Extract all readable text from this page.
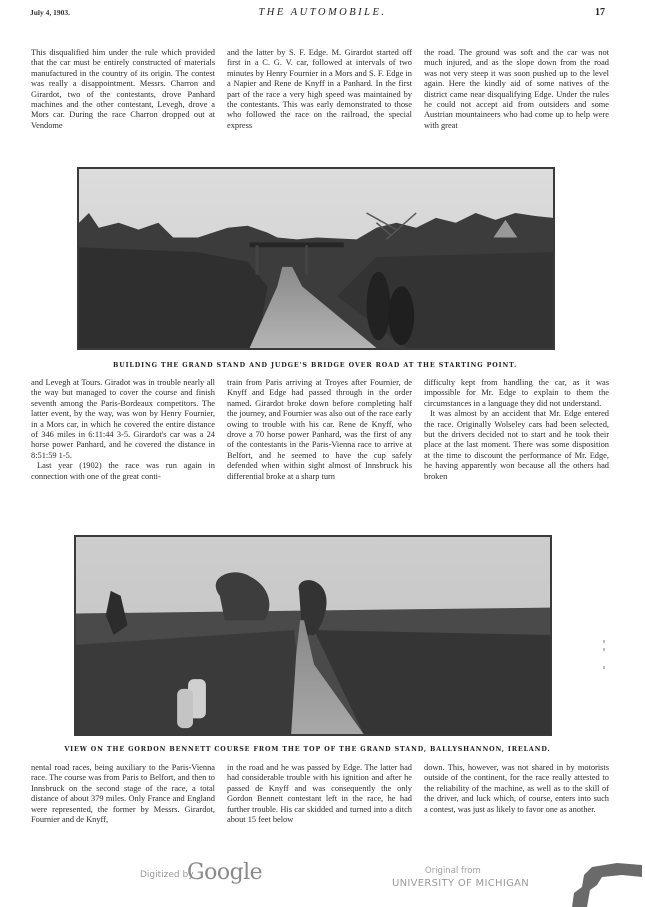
July 4, 1903.	THE AUTOMOBILE.	17

This disqualified him under the rule which provided that the car must be entirely constructed of materials manufactured in the country of its origin. The contest was really a disappointment. Messrs. Charron and Girardot, two of the contestants, drove Panhard machines and the other contestant, Levegh, drove a Mors car. During the race Charron dropped out at Vendome

and the latter by S. F. Edge. M. Girardot started off first in a C. G. V. car, followed at intervals of two minutes by Henry Fournier in a Mors and S. F. Edge in a Napier and Rene de Knyff in a Panhard. In the first part of the race a very high speed was maintained by the contestants. This was early demonstrated to those who followed the race on the railroad, the special express

the road. The ground was soft and the car was not much injured, and as the slope down from the road was not very steep it was soon pushed up to the level again. Here the kindly aid of some natives of the district came near disqualifying Edge. Under the rules he could not accept aid from outsiders and some Austrian mountaineers who had come up to help were with great

BUILDING THE GRAND STAND AND JUDGE'S BRIDGE OVER ROAD AT THE STARTING POINT.

and Levegh at Tours. Giradot was in trouble nearly all the way but managed to cover the course and finish seventh among the Paris-Bordeaux competitors. The latter event, by the way, was won by Henry Fournier, in a Mors car, in which he covered the entire distance of 346 miles in 6:11:44 3-5. Girardot's car was a 24 horse power Panhard, and he covered the distance in 8:51:59 1-5.

Last year (1902) the race was run again in connection with one of the great conti-

train from Paris arriving at Troyes after Fournier, de Knyff and Edge had passed through in the order named. Girardot broke down before completing half the journey, and Fournier was also out of the race early owing to trouble with his car. Rene de Knyff, who drove a 70 horse power Panhard, was the first of any of the contestants in the Paris-Vienna race to arrive at Belfort, and he seemed to have the cup safely defended when within sight almost of Innsbruck his differential broke at a sharp turn

difficulty kept from handling the car, as it was impossible for Mr. Edge to explain to them the circumstances in a language they did not understand.

It was almost by an accident that Mr. Edge entered the race. Originally Wolseley cars had been selected, but the drivers decided not to start and he took their place at the last moment. There was some disposition at the time to discount the performance of Mr. Edge, he having apparently won because all the others had broken

VIEW ON THE GORDON BENNETT COURSE FROM THE TOP OF THE GRAND STAND, BALLYSHANNON, IRELAND.

nental road races, being auxiliary to the Paris-Vienna race. The course was from Paris to Belfort, and then to Innsbruck on the second stage of the race, a total distance of about 379 miles. Only France and England were represented, the former by Messrs. Girardot, Fournier and de Knyff,

in the road and he was passed by Edge. The latter had had considerable trouble with his ignition and after he passed de Knyff and was consequently the only Gordon Bennett contestant left in the race, he had further trouble. His car skidded and turned into a ditch about 15 feet below

down. This, however, was not shared in by motorists outside of the continent, for the race really attested to the reliability of the machine, as well as to the skill of the driver, and luck which, of course, enters into such a contest, was just as likely to favor one as another.

Digitized by
Google	Original from
UNIVERSITY OF MICHIGAN
